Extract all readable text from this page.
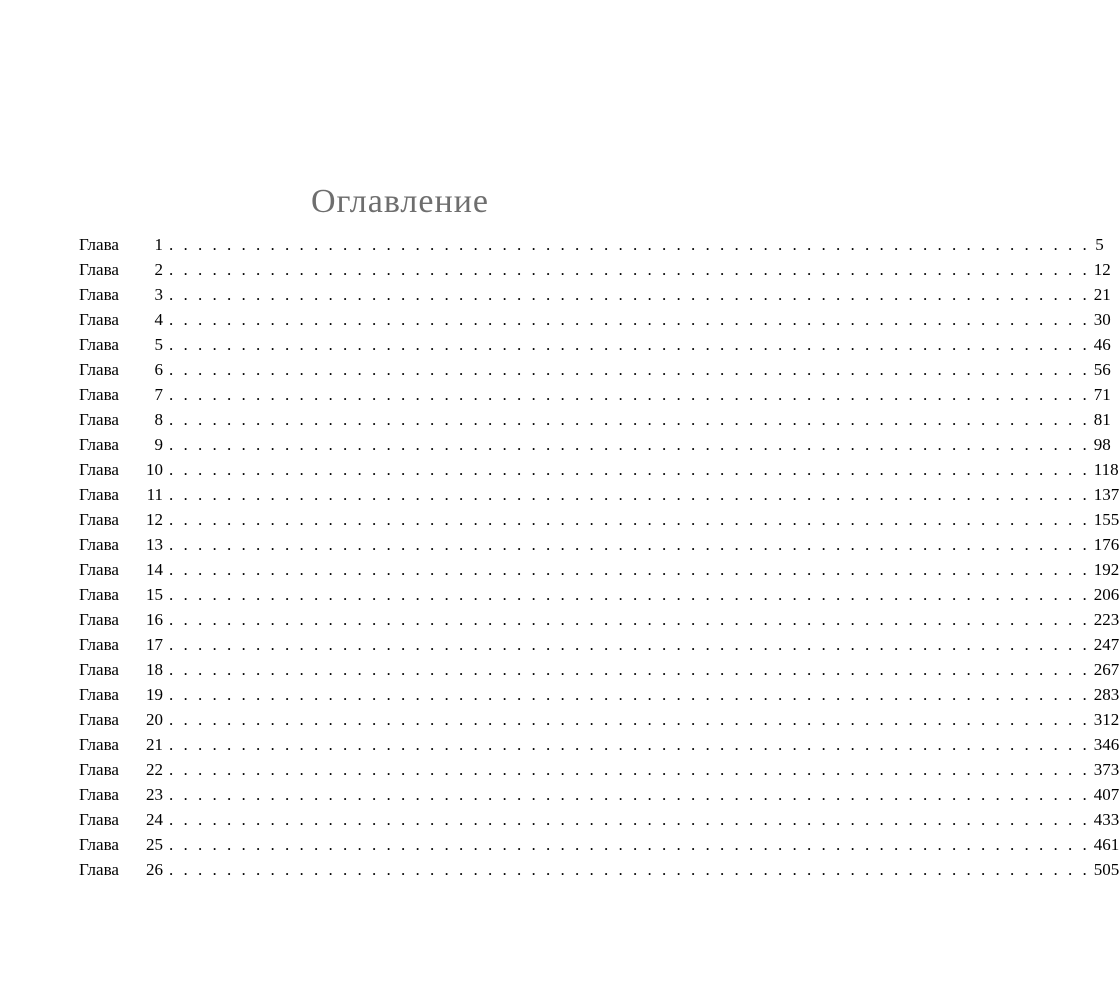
Оглавление
Глава	1 . . . . . . . . . . . . . . . . . . . . . . . . . . . . . . . . . . . . . . . . . . . . . . . . . . . . . . . . . . . . . . . . 5
Глава	2 . . . . . . . . . . . . . . . . . . . . . . . . . . . . . . . . . . . . . . . . . . . . . . . . . . . . . . . . . . . . . . . . 12
Глава	3 . . . . . . . . . . . . . . . . . . . . . . . . . . . . . . . . . . . . . . . . . . . . . . . . . . . . . . . . . . . . . . . . 21
Глава	4 . . . . . . . . . . . . . . . . . . . . . . . . . . . . . . . . . . . . . . . . . . . . . . . . . . . . . . . . . . . . . . . . 30
Глава	5 . . . . . . . . . . . . . . . . . . . . . . . . . . . . . . . . . . . . . . . . . . . . . . . . . . . . . . . . . . . . . . . . 46
Глава	6 . . . . . . . . . . . . . . . . . . . . . . . . . . . . . . . . . . . . . . . . . . . . . . . . . . . . . . . . . . . . . . . . 56
Глава	7 . . . . . . . . . . . . . . . . . . . . . . . . . . . . . . . . . . . . . . . . . . . . . . . . . . . . . . . . . . . . . . . . 71
Глава	8 . . . . . . . . . . . . . . . . . . . . . . . . . . . . . . . . . . . . . . . . . . . . . . . . . . . . . . . . . . . . . . . . 81
Глава	9 . . . . . . . . . . . . . . . . . . . . . . . . . . . . . . . . . . . . . . . . . . . . . . . . . . . . . . . . . . . . . . . . 98
Глава	10 . . . . . . . . . . . . . . . . . . . . . . . . . . . . . . . . . . . . . . . . . . . . . . . . . . . . . . . . . . . . . . . . 118
Глава	11 . . . . . . . . . . . . . . . . . . . . . . . . . . . . . . . . . . . . . . . . . . . . . . . . . . . . . . . . . . . . . . . . 137
Глава	12 . . . . . . . . . . . . . . . . . . . . . . . . . . . . . . . . . . . . . . . . . . . . . . . . . . . . . . . . . . . . . . . . 155
Глава	13 . . . . . . . . . . . . . . . . . . . . . . . . . . . . . . . . . . . . . . . . . . . . . . . . . . . . . . . . . . . . . . . . 176
Глава	14 . . . . . . . . . . . . . . . . . . . . . . . . . . . . . . . . . . . . . . . . . . . . . . . . . . . . . . . . . . . . . . . . 192
Глава	15 . . . . . . . . . . . . . . . . . . . . . . . . . . . . . . . . . . . . . . . . . . . . . . . . . . . . . . . . . . . . . . . . 206
Глава	16 . . . . . . . . . . . . . . . . . . . . . . . . . . . . . . . . . . . . . . . . . . . . . . . . . . . . . . . . . . . . . . . . 223
Глава	17 . . . . . . . . . . . . . . . . . . . . . . . . . . . . . . . . . . . . . . . . . . . . . . . . . . . . . . . . . . . . . . . . 247
Глава	18 . . . . . . . . . . . . . . . . . . . . . . . . . . . . . . . . . . . . . . . . . . . . . . . . . . . . . . . . . . . . . . . . 267
Глава	19 . . . . . . . . . . . . . . . . . . . . . . . . . . . . . . . . . . . . . . . . . . . . . . . . . . . . . . . . . . . . . . . . 283
Глава	20 . . . . . . . . . . . . . . . . . . . . . . . . . . . . . . . . . . . . . . . . . . . . . . . . . . . . . . . . . . . . . . . . 312
Глава	21 . . . . . . . . . . . . . . . . . . . . . . . . . . . . . . . . . . . . . . . . . . . . . . . . . . . . . . . . . . . . . . . . 346
Глава	22 . . . . . . . . . . . . . . . . . . . . . . . . . . . . . . . . . . . . . . . . . . . . . . . . . . . . . . . . . . . . . . . . 373
Глава	23 . . . . . . . . . . . . . . . . . . . . . . . . . . . . . . . . . . . . . . . . . . . . . . . . . . . . . . . . . . . . . . . . 407
Глава	24 . . . . . . . . . . . . . . . . . . . . . . . . . . . . . . . . . . . . . . . . . . . . . . . . . . . . . . . . . . . . . . . . 433
Глава	25 . . . . . . . . . . . . . . . . . . . . . . . . . . . . . . . . . . . . . . . . . . . . . . . . . . . . . . . . . . . . . . . . 461
Глава	26 . . . . . . . . . . . . . . . . . . . . . . . . . . . . . . . . . . . . . . . . . . . . . . . . . . . . . . . . . . . . . . . . 505
